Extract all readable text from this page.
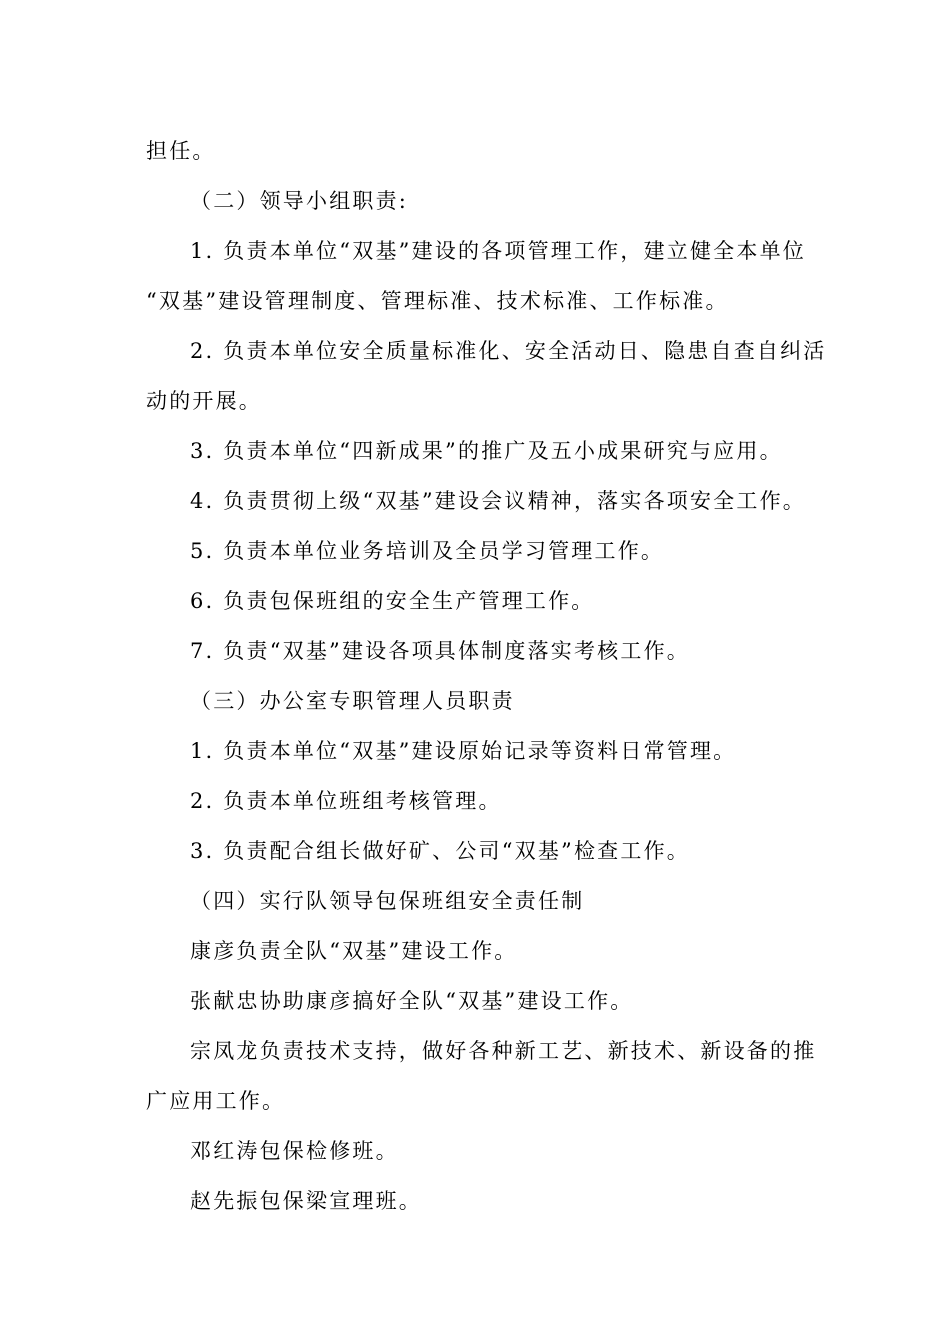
担任。
（二）领导小组职责:
1. 负责本单位“双基”建设的各项管理工作，建立健全本单位
“双基”建设管理制度、管理标准、技术标准、工作标准。
2. 负责本单位安全质量标准化、安全活动日、隐患自查自纠活
动的开展。
3. 负责本单位“四新成果”的推广及五小成果研究与应用。
4. 负责贯彻上级“双基”建设会议精神，落实各项安全工作。
5. 负责本单位业务培训及全员学习管理工作。
6. 负责包保班组的安全生产管理工作。
7. 负责“双基”建设各项具体制度落实考核工作。
（三）办公室专职管理人员职责
1. 负责本单位“双基”建设原始记录等资料日常管理。
2. 负责本单位班组考核管理。
3. 负责配合组长做好矿、公司“双基”检查工作。
（四）实行队领导包保班组安全责任制
康彦负责全队“双基”建设工作。
张献忠协助康彦搞好全队“双基”建设工作。
宗凤龙负责技术支持，做好各种新工艺、新技术、新设备的推
广应用工作。
邓红涛包保检修班。
赵先振包保梁宣理班。
